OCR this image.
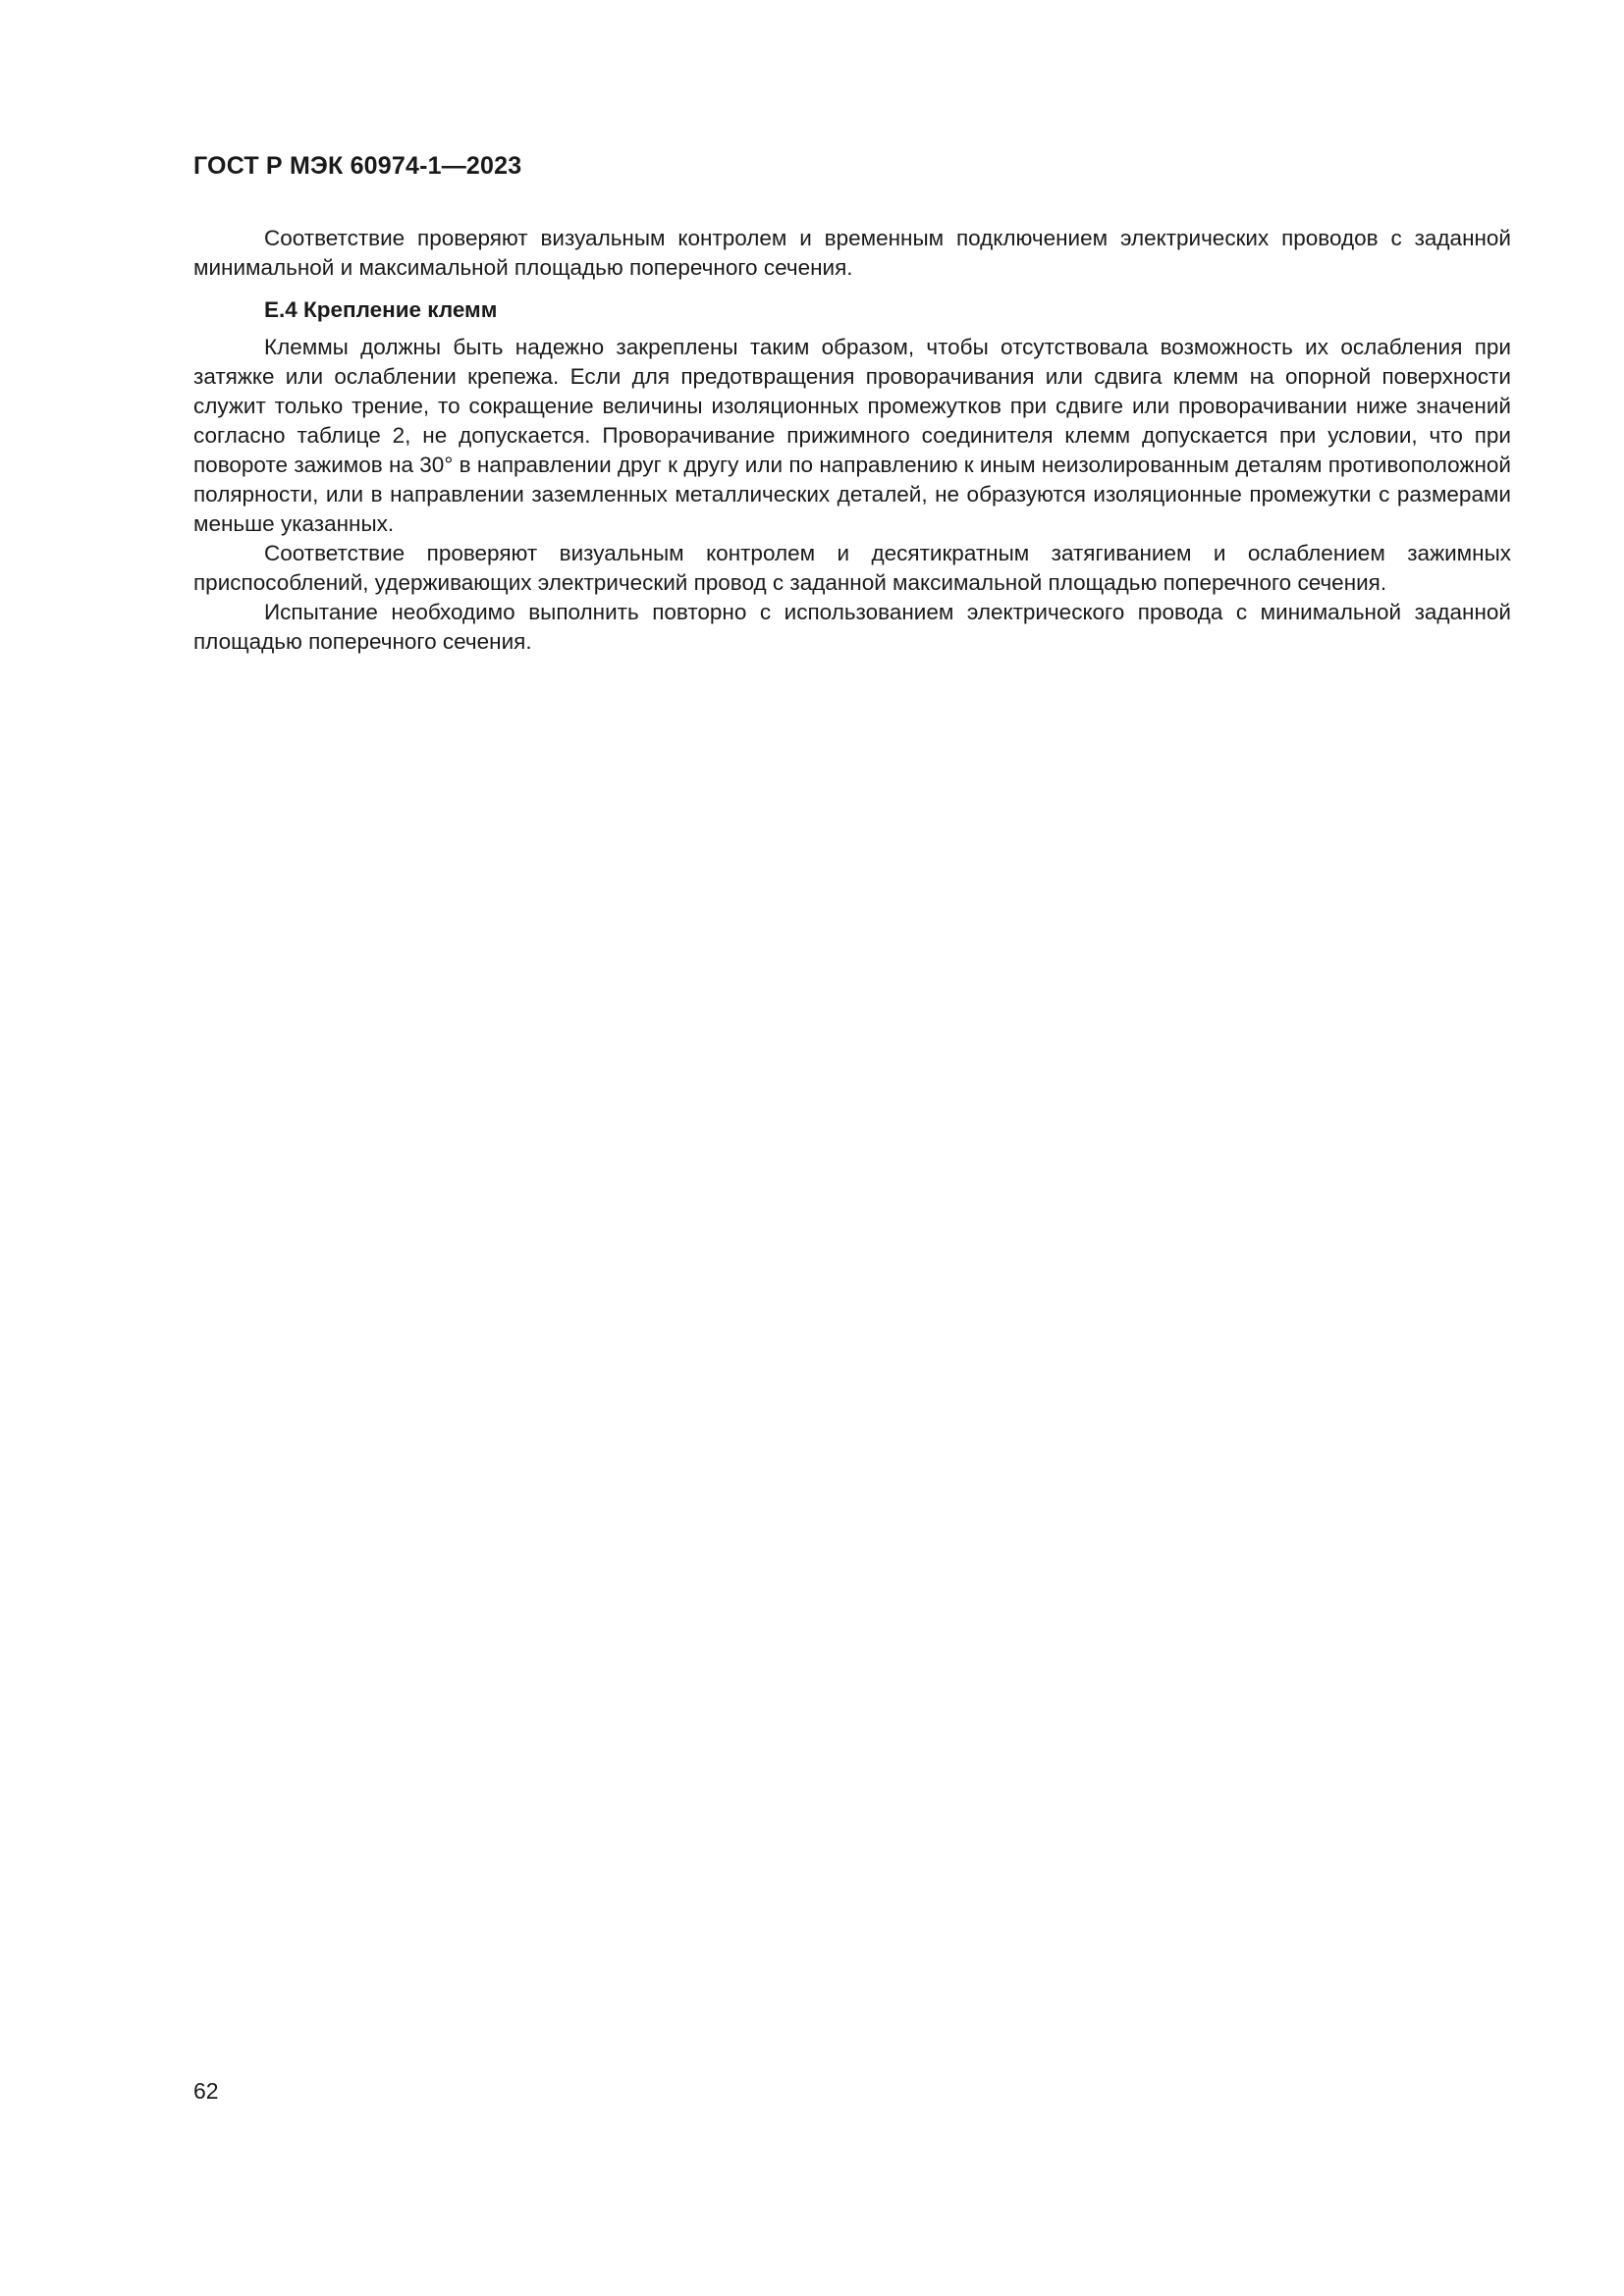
ГОСТ Р МЭК 60974-1—2023

Соответствие проверяют визуальным контролем и временным подключением электрических проводов с заданной минимальной и максимальной площадью поперечного сечения.

Е.4 Крепление клемм

Клеммы должны быть надежно закреплены таким образом, чтобы отсутствовала возможность их ослабления при затяжке или ослаблении крепежа. Если для предотвращения проворачивания или сдвига клемм на опорной поверхности служит только трение, то сокращение величины изоляционных промежутков при сдвиге или проворачивании ниже значений согласно таблице 2, не допускается. Проворачивание прижимного соединителя клемм допускается при условии, что при повороте зажимов на 30° в направлении друг к другу или по направлению к иным неизолированным деталям противоположной полярности, или в направлении заземленных металлических деталей, не образуются изоляционные промежутки с размерами меньше указанных.

Соответствие проверяют визуальным контролем и десятикратным затягиванием и ослаблением зажимных приспособлений, удерживающих электрический провод с заданной максимальной площадью поперечного сечения.

Испытание необходимо выполнить повторно с использованием электрического провода с минимальной заданной площадью поперечного сечения.

62
